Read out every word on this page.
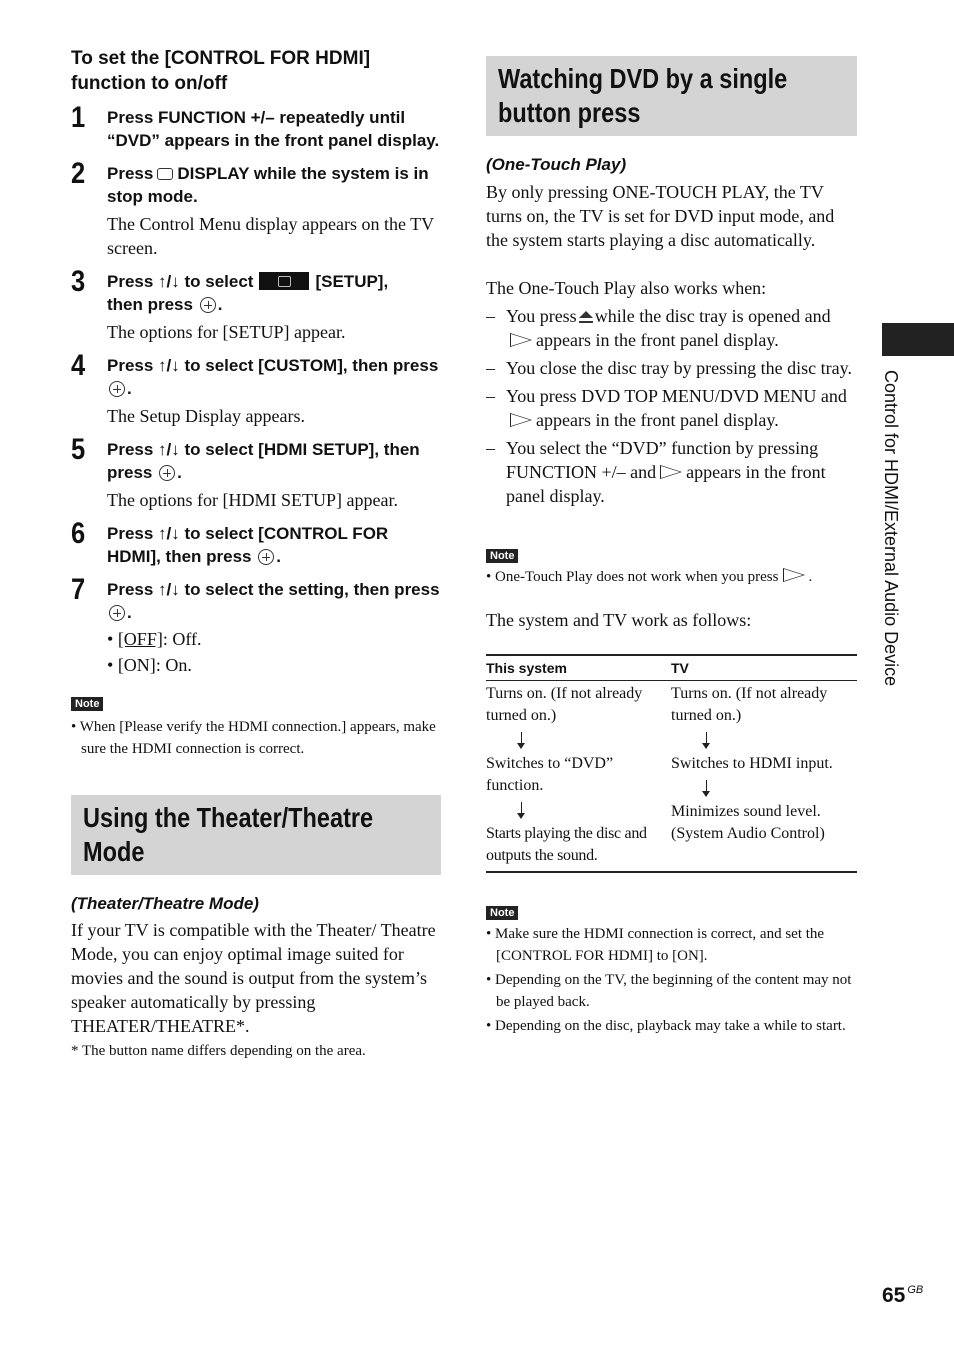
To set the [CONTROL FOR HDMI] function to on/off
1 Press FUNCTION +/– repeatedly until “DVD” appears in the front panel display.
2 Press DISPLAY while the system is in stop mode.
The Control Menu display appears on the TV screen.
3 Press ↑/↓ to select	[SETUP],
then press .
The options for [SETUP] appear.
4 Press ↑/↓ to select [CUSTOM], then press .
The Setup Display appears.
5 Press ↑/↓ to select [HDMI SETUP], then press .
The options for [HDMI SETUP] appear.
6 Press ↑/↓ to select [CONTROL FOR HDMI], then press .
7 Press ↑/↓ to select the setting, then press .
• [OFF]: Off.
• [ON]: On.
Note
• When [Please verify the HDMI connection.] appears, make sure the HDMI connection is correct.
Using the Theater/Theatre Mode
(Theater/Theatre Mode)
If your TV is compatible with the Theater/ Theatre Mode, you can enjoy optimal image suited for movies and the sound is output from the system’s speaker automatically by pressing THEATER/THEATRE*.
* The button name differs depending on the area.
Watching DVD by a single button press
(One-Touch Play)
By only pressing ONE-TOUCH PLAY, the TV turns on, the TV is set for DVD input mode, and the system starts playing a disc automatically.
The One-Touch Play also works when:
– You press while the disc tray is opened andappears in the front panel display.
– You close the disc tray by pressing the disc tray.
– You press DVD TOP MENU/DVD MENU andappears in the front panel display.
– You select the “DVD” function by pressing FUNCTION +/– and appears in the front panel display.
Note
• One-Touch Play does not work when you press .
The system and TV work as follows:
This system	TV
Turns on. (If not already turned on.)
Switches to “DVD” function.
Starts playing the disc and outputs the sound.
Turns on. (If not already turned on.)
Switches to HDMI input.
Minimizes sound level. (System Audio Control)
Note
• Make sure the HDMI connection is correct, and set the [CONTROL FOR HDMI] to [ON].
• Depending on the TV, the beginning of the content may not be played back.
• Depending on the disc, playback may take a while to start.
Control for HDMI/External Audio Device
65 $^{GB}$
